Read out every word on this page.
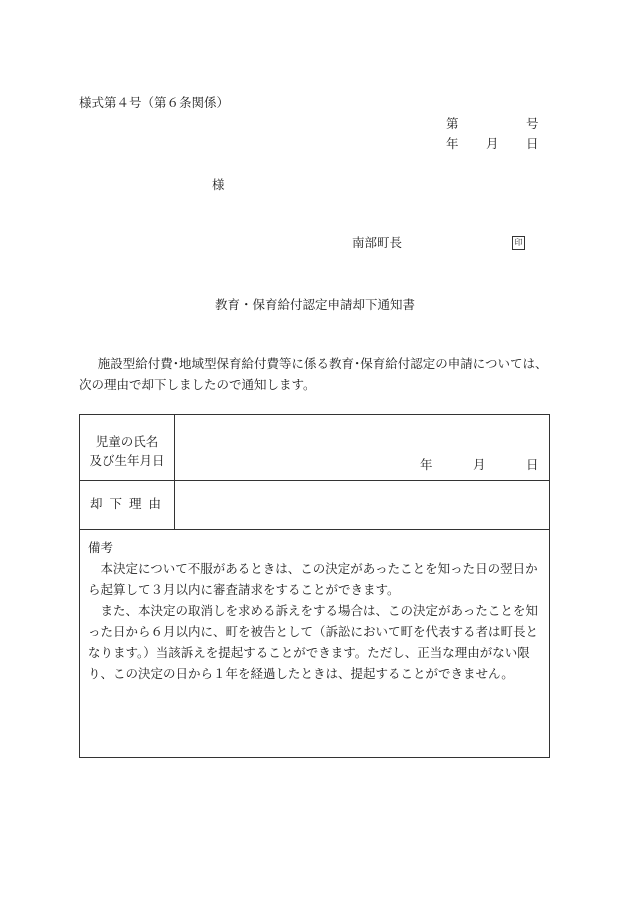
様式第４号（第６条関係）
第	号
年 月 日
様
南部町長	印
教育・保育給付認定申請却下通知書
施設型給付費･地域型保育給付費等に係る教育･保育給付認定の申請については、次の理由で却下しましたので通知します。
児童の氏名
及び生年月日	年	月	日
却下理由
備考

本決定について不服があるときは、この決定があったことを知った日の翌日から起算して３月以内に審査請求をすることができます。

また、本決定の取消しを求める訴えをする場合は、この決定があったことを知った日から６月以内に、町を被告として（訴訟において町を代表する者は町長となります。）当該訴えを提起することができます。ただし、正当な理由がない限り、この決定の日から１年を経過したときは、提起することができません。
